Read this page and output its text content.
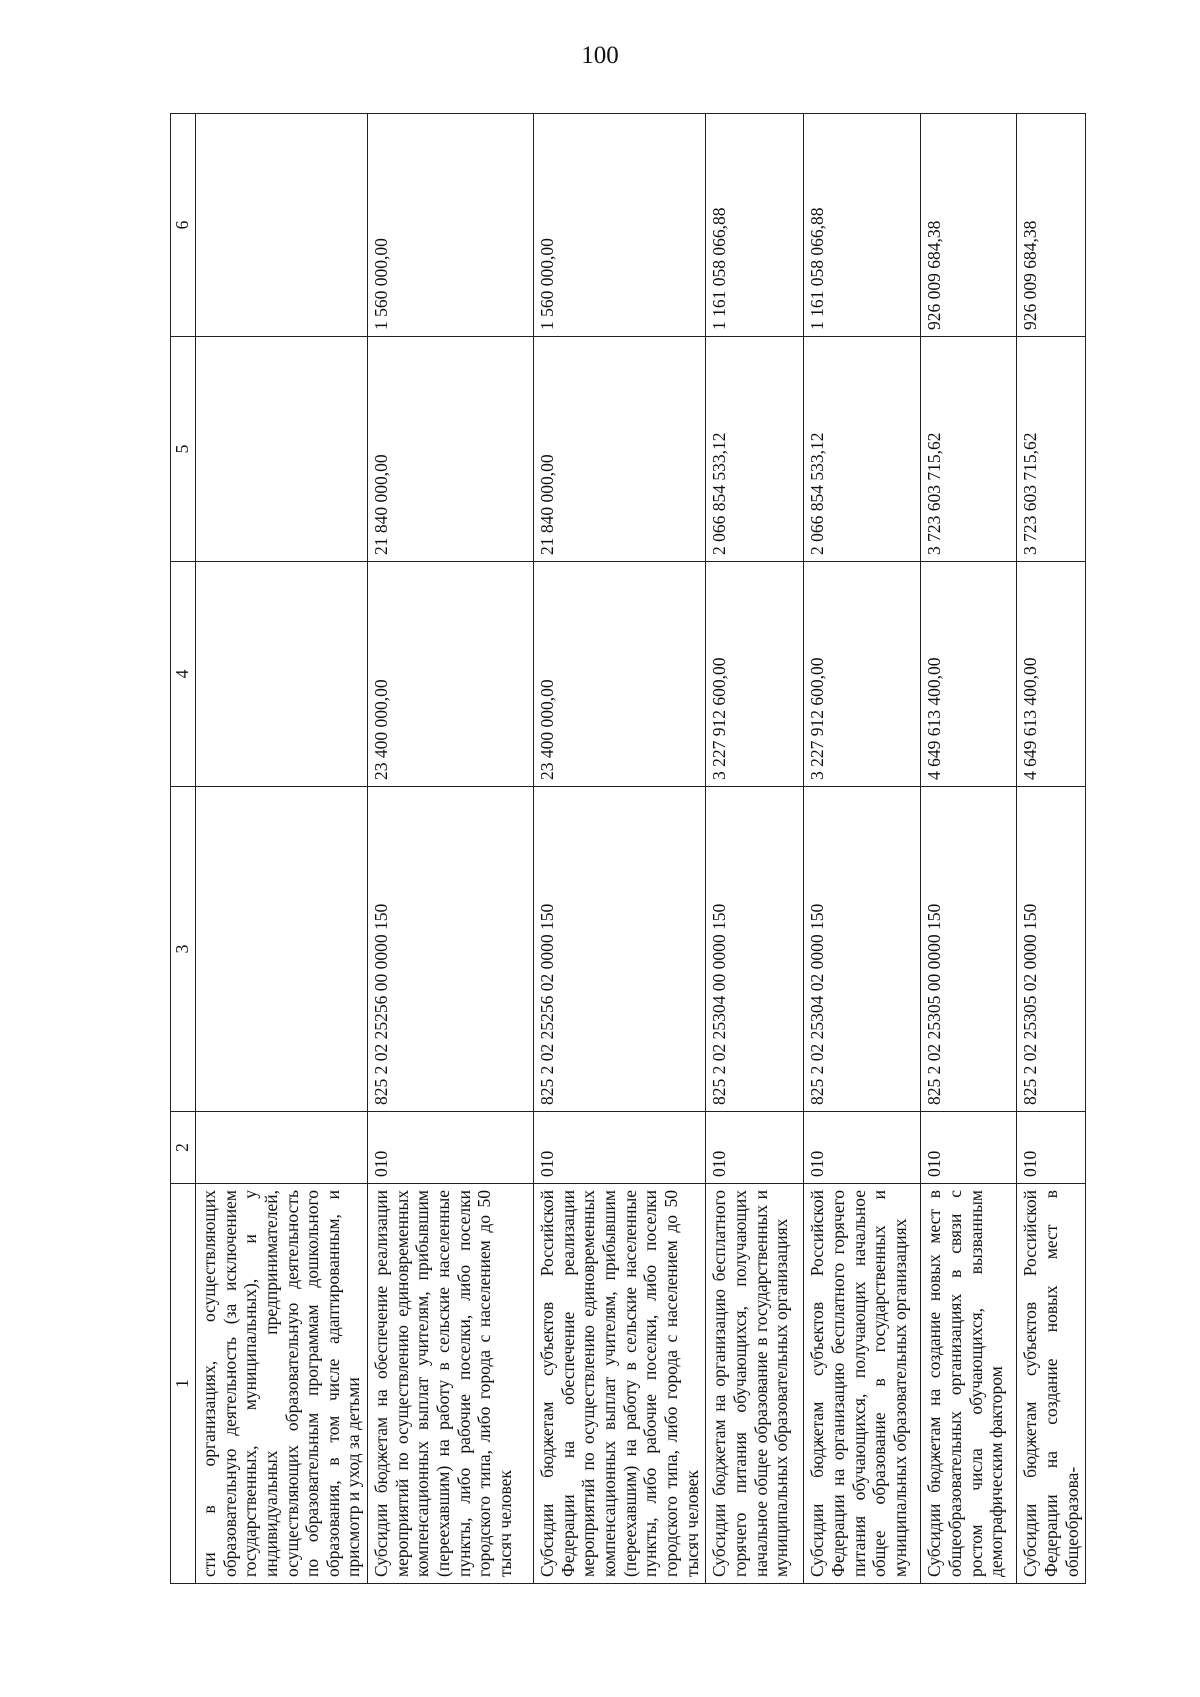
100
1	2	3	4	5	6
сти в организациях, осуществляющих образовательную деятельность (за исключением государственных, муниципальных), и у индивидуальных предпринимателей, осуществляющих образовательную деятельность по образовательным программам дошкольного образования, в том числе адаптированным, и присмотр и уход за детьми					
Субсидии бюджетам на обеспечение реализации мероприятий по осуществлению единовременных компенсационных выплат учителям, прибывшим (переехавшим) на работу в сельские населенные пункты, либо рабочие поселки, либо поселки городского типа, либо города с населением до 50 тысяч человек	010	825 2 02 25256 00 0000 150	23 400 000,00	21 840 000,00	1 560 000,00
Субсидии бюджетам субъектов Российской Федерации на обеспечение реализации мероприятий по осуществлению единовременных компенсационных выплат учителям, прибывшим (переехавшим) на работу в сельские населенные пункты, либо рабочие поселки, либо поселки городского типа, либо города с населением до 50 тысяч человек	010	825 2 02 25256 02 0000 150	23 400 000,00	21 840 000,00	1 560 000,00
Субсидии бюджетам на организацию бесплатного горячего питания обучающихся, получающих начальное общее образование в государственных и муниципальных образовательных организациях	010	825 2 02 25304 00 0000 150	3 227 912 600,00	2 066 854 533,12	1 161 058 066,88
Субсидии бюджетам субъектов Российской Федерации на организацию бесплатного горячего питания обучающихся, получающих начальное общее образование в государственных и муниципальных образовательных организациях	010	825 2 02 25304 02 0000 150	3 227 912 600,00	2 066 854 533,12	1 161 058 066,88
Субсидии бюджетам на создание новых мест в общеобразовательных организациях в связи с ростом числа обучающихся, вызванным демографическим фактором	010	825 2 02 25305 00 0000 150	4 649 613 400,00	3 723 603 715,62	926 009 684,38
Субсидии бюджетам субъектов Российской Федерации на создание новых мест в общеобразова-	010	825 2 02 25305 02 0000 150	4 649 613 400,00	3 723 603 715,62	926 009 684,38
